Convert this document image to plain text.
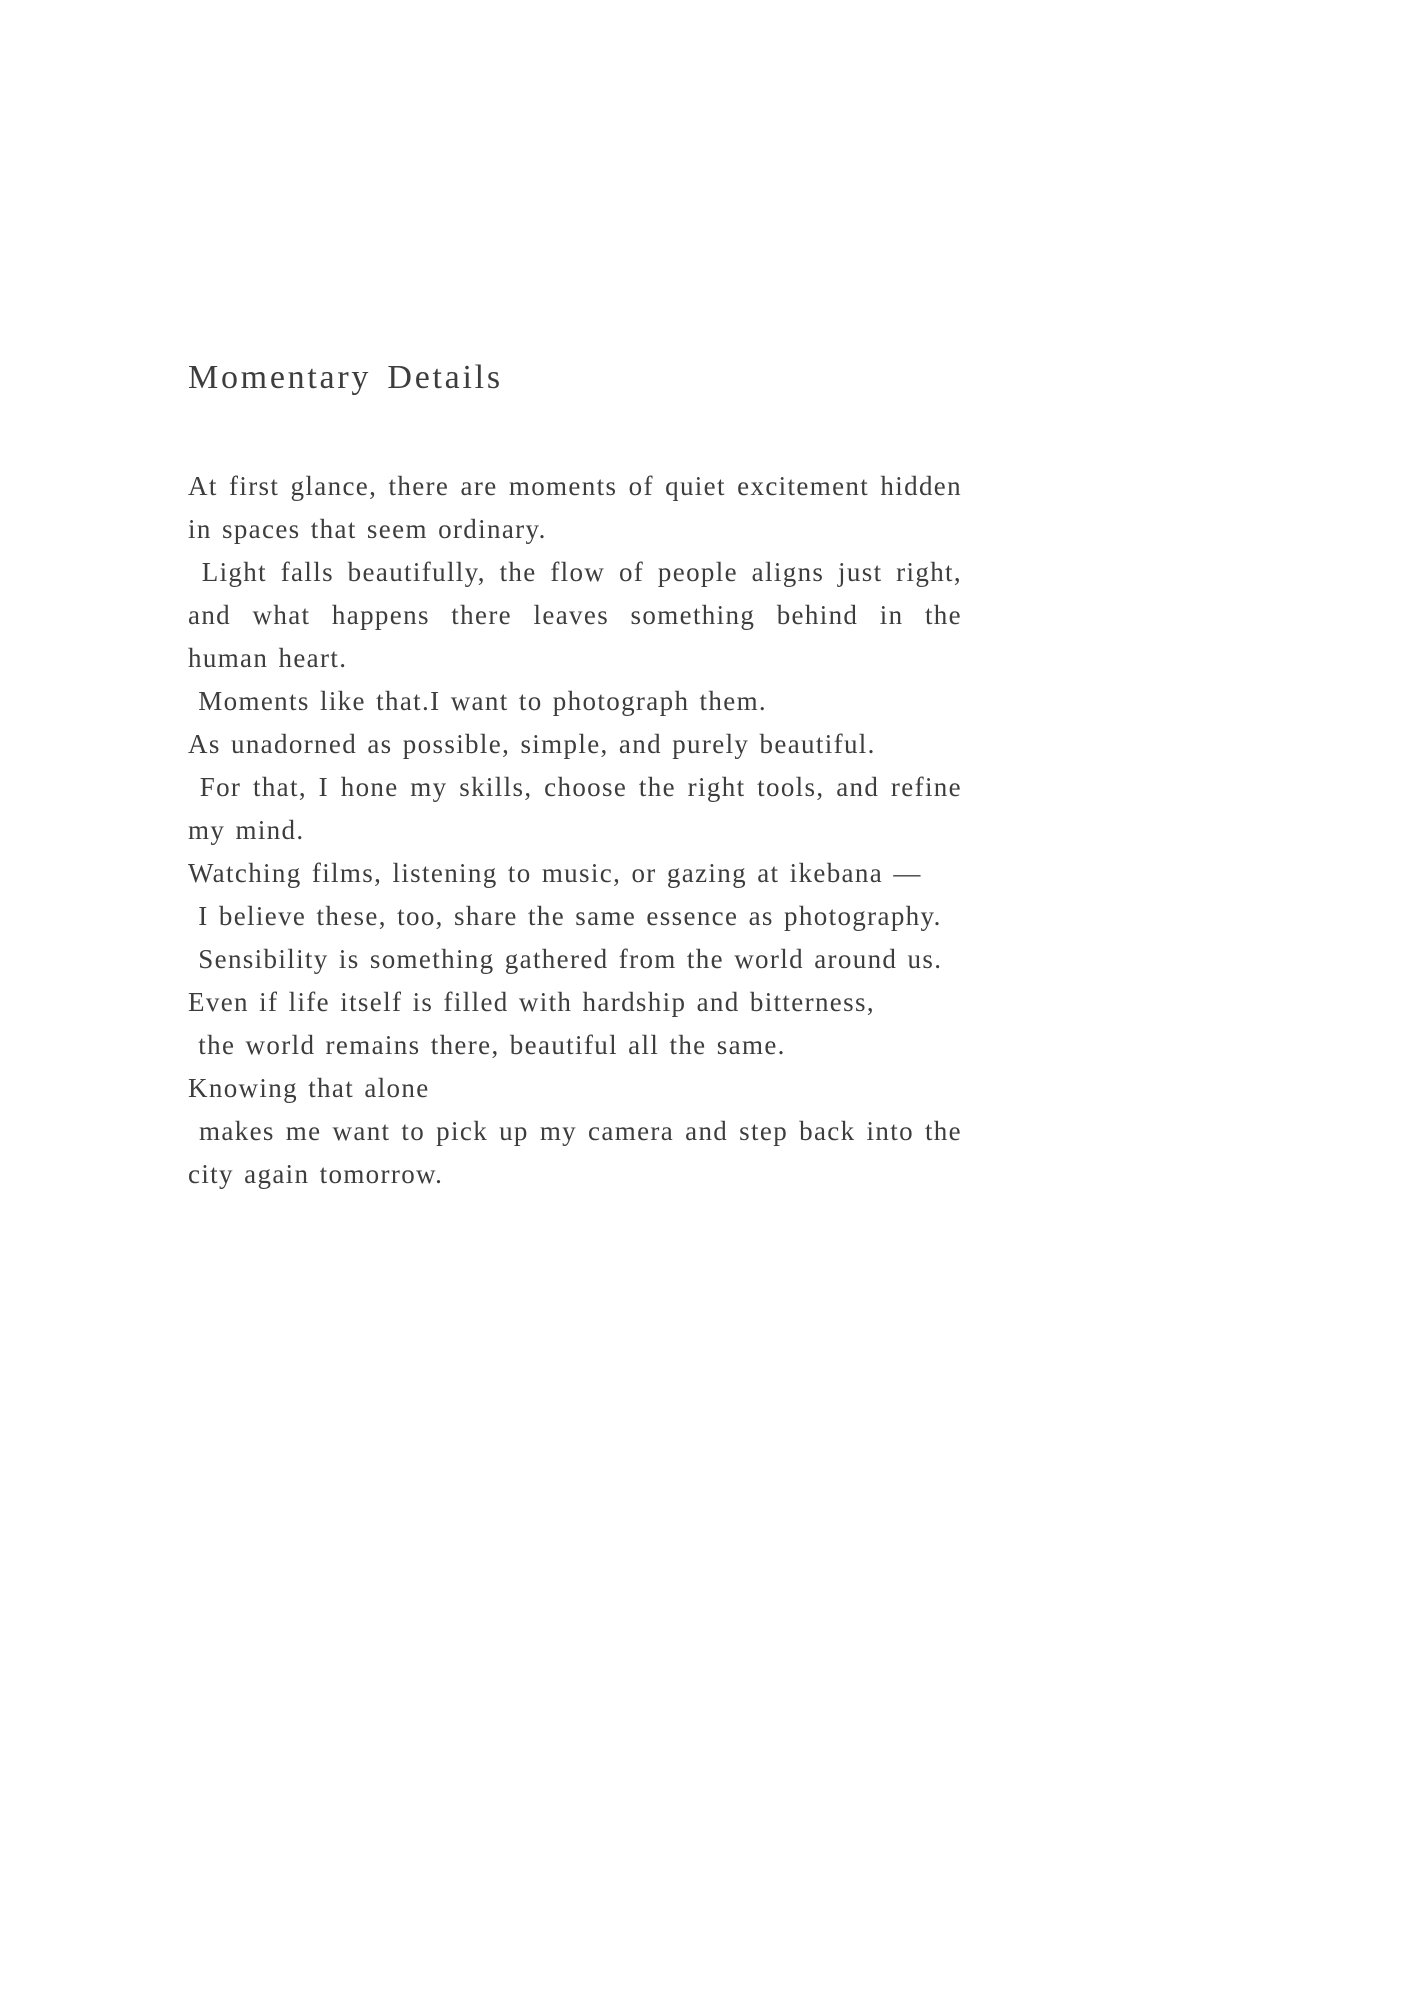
Momentary Details

At first glance, there are moments of quiet excitement hidden in spaces that seem ordinary.

Light falls beautifully, the flow of people aligns just right, and what happens there leaves something behind in the human heart.

Moments like that.I want to photograph them.

As unadorned as possible, simple, and purely beautiful.

For that, I hone my skills, choose the right tools, and refine my mind.

Watching films, listening to music, or gazing at ikebana —

I believe these, too, share the same essence as photography.

Sensibility is something gathered from the world around us.

Even if life itself is filled with hardship and bitterness,

the world remains there, beautiful all the same.

Knowing that alone

makes me want to pick up my camera and step back into the city again tomorrow.
